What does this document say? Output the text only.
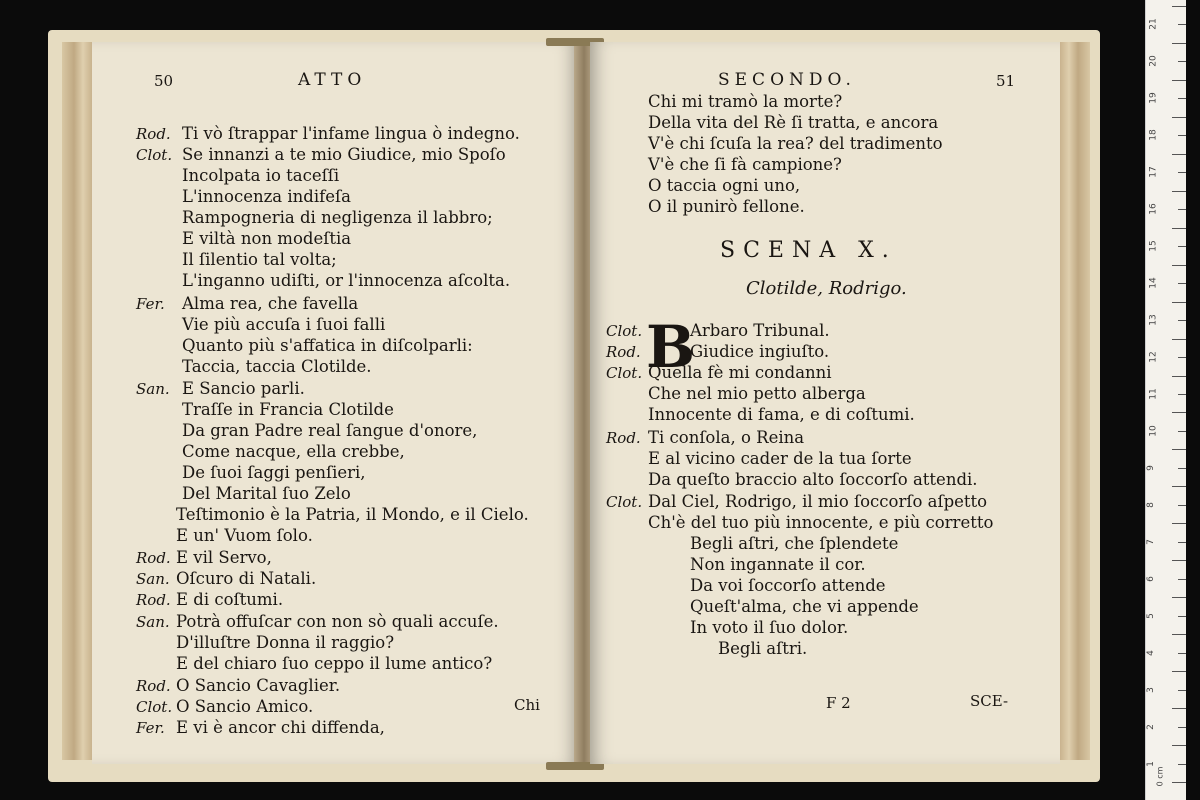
50	ATTO
Rod. Ti vò ſtrappar l'infame lingua ò indegno.
Clot. Se innanzi a te mio Giudice, mio Spoſo
Incolpata io taceſſi
L'innocenza indifeſa
Rampogneria di negligenza il labbro;
E viltà non modeſtia
Il ſilentio tal volta;
L'inganno udiſti, or l'innocenza aſcolta.
Fer. Alma rea, che favella
Vie più accuſa i ſuoi falli
Quanto più s'affatica in diſcolparli:
Taccia, taccia Clotilde.
San. E Sancio parli.
Traſſe in Francia Clotilde
Da gran Padre real ſangue d'onore,
Come nacque, ella crebbe,
De ſuoi ſaggi penſieri,
Del Marital ſuo Zelo
Teſtimonio è la Patria, il Mondo, e il Cielo.
E un' Vuom ſolo.
Rod. E vil Servo,
San. Oſcuro di Natali.
Rod. E di coſtumi.
San. Potrà offuſcar con non sò quali accuſe.
D'illuſtre Donna il raggio?
E del chiaro ſuo ceppo il lume antico?
Rod. O Sancio Cavaglier.
Clot. O Sancio Amico.
Fer. E vi è ancor chi diffenda,
Chi
SECONDO.	51
Chi mi tramò la morte?
Della vita del Rè ſi tratta, e ancora
V'è chi ſcuſa la rea? del tradimento
V'è che ſi fà campione?
O taccia ogni uno,
O il punirò fellone.
SCENA X.
Clotilde, Rodrigo.
B
Clot.	Arbaro Tribunal.
Rod.	Giudice ingiuſto.
Clot. Quella fè mi condanni
Che nel mio petto alberga
Innocente di fama, e di coſtumi.
Rod. Ti conſola, o Reina
E al vicino cader de la tua ſorte
Da queſto braccio alto ſoccorſo attendi.
Clot. Dal Ciel, Rodrigo, il mio ſoccorſo aſpetto
Ch'è del tuo più innocente, e più corretto
Begli aſtri, che ſplendete
Non ingannate il cor.
Da voi ſoccorſo attende
Queſt'alma, che vi appende
In voto il ſuo dolor.
Begli aſtri.
F 2	SCE-
21
20
19
18
17
16
15
14
13
12
11
10
9
8
7
6
5
4
3
2
1
0 cm
